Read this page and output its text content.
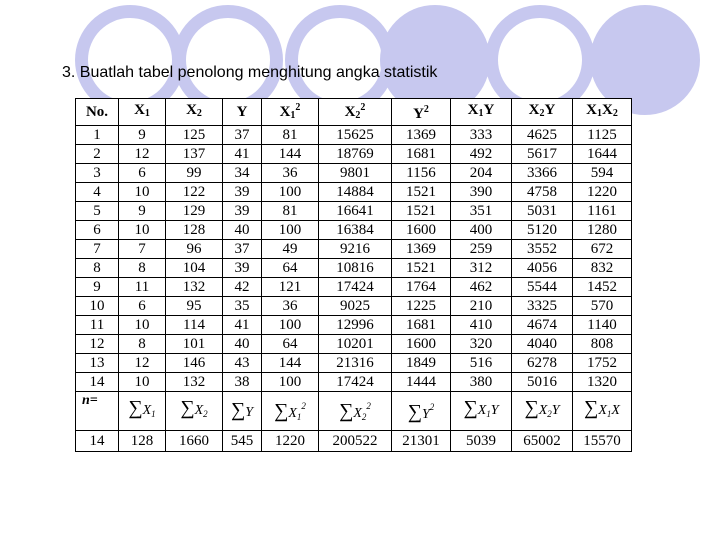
3. Buatlah tabel penolong menghitung angka statistik
No.	$X_1$	$X_2$	Y	$X_1^2$	$X_2^2$	$Y^2$	$X_1Y$	$X_2Y$	$X_1X_2$
1	9	125	37	81	15625	1369	333	4625	1125
2	12	137	41	144	18769	1681	492	5617	1644
3	6	99	34	36	9801	1156	204	3366	594
4	10	122	39	100	14884	1521	390	4758	1220
5	9	129	39	81	16641	1521	351	5031	1161
6	10	128	40	100	16384	1600	400	5120	1280
7	7	96	37	49	9216	1369	259	3552	672
8	8	104	39	64	10816	1521	312	4056	832
9	11	132	42	121	17424	1764	462	5544	1452
10	6	95	35	36	9025	1225	210	3325	570
11	10	114	41	100	12996	1681	410	4674	1140
12	8	101	40	64	10201	1600	320	4040	808
13	12	146	43	144	21316	1849	516	6278	1752
14	10	132	38	100	17424	1444	380	5016	1320
n=	$\sum X_1$	$\sum X_2$	∑Y	$\sum X_1^2$	$\sum X_2^2$	$\sum Y^2$	$\sum X_1Y$	$\sum X_2Y$	$\sum X_1X$
14	128	1660	545	1220	200522	21301	5039	65002	15570
